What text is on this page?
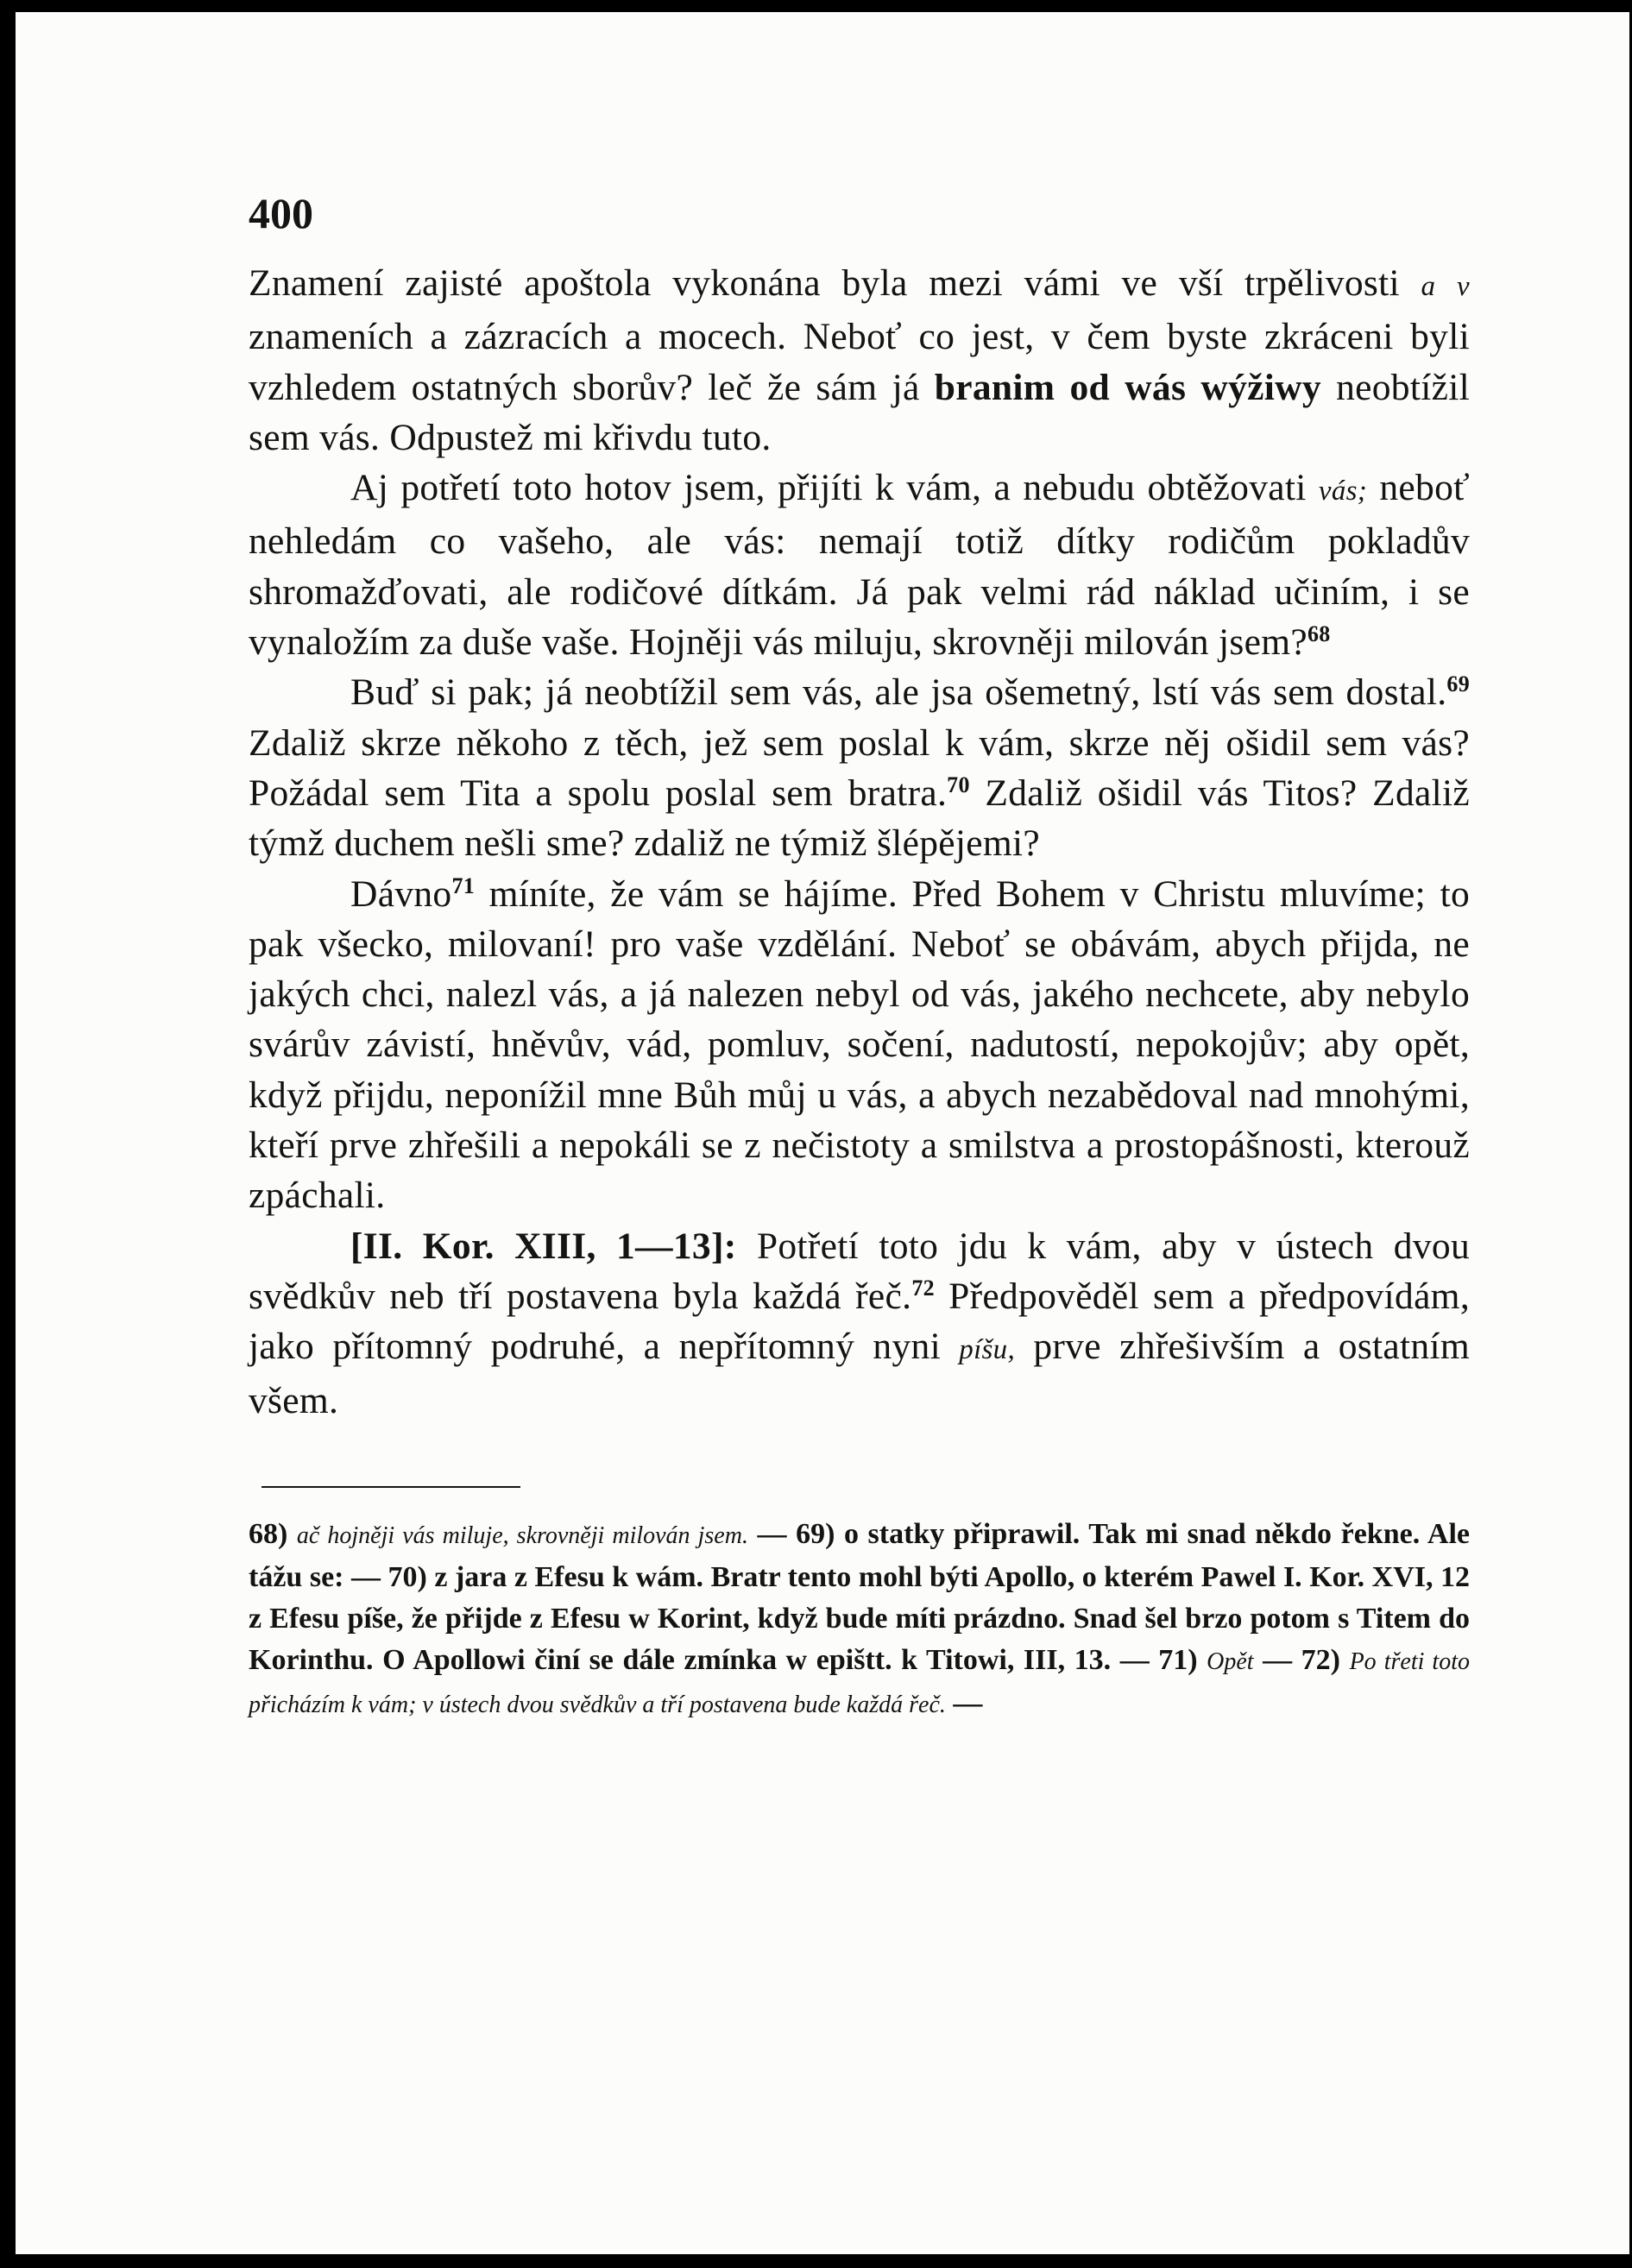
400

Znamení zajisté apoštola vykonána byla mezi vámi ve vší trpělivosti a v znameních a zázracích a mocech. Neboť co jest, v čem byste zkráceni byli vzhledem ostatných sborův? leč že sám já branim od wás wýžiwy neobtížil sem vás. Odpustež mi křivdu tuto.

Aj potřetí toto hotov jsem, přijíti k vám, a nebudu obtěžovati vás; neboť nehledám co vašeho, ale vás: nemají totiž dítky rodičům pokladův shromažďovati, ale rodičové dítkám. Já pak velmi rád náklad učiním, i se vynaložím za duše vaše. Hojněji vás miluju, skrovněji milován jsem?$^{68}$

Buď si pak; já neobtížil sem vás, ale jsa ošemetný, lstí vás sem dostal.$^{69}$ Zdaliž skrze někoho z těch, jež sem poslal k vám, skrze něj ošidil sem vás? Požádal sem Tita a spolu poslal sem bratra.$^{70}$ Zdaliž ošidil vás Titos? Zdaliž týmž duchem nešli sme? zdaliž ne týmiž šlépějemi?

Dávno$^{71}$ míníte, že vám se hájíme. Před Bohem v Christu mluvíme; to pak všecko, milovaní! pro vaše vzdělání. Neboť se obávám, abych přijda, ne jakých chci, nalezl vás, a já nalezen nebyl od vás, jakého nechcete, aby nebylo svárův závistí, hněvův, vád, pomluv, sočení, nadutostí, nepokojův; aby opět, když přijdu, neponížil mne Bůh můj u vás, a abych nezabědoval nad mnohými, kteří prve zhřešili a nepokáli se z nečistoty a smilstva a prostopášnosti, kterouž zpáchali.

[II. Kor. XIII, 1—13]: Potřetí toto jdu k vám, aby v ústech dvou svědkův neb tří postavena byla každá řeč.$^{72}$ Předpověděl sem a předpovídám, jako přítomný podruhé, a nepřítomný nyni píšu, prve zhřešivším a ostatním všem.

68) ač hojněji vás miluje, skrovněji milován jsem. — 69) o statky připrawil. Tak mi snad někdo řekne. Ale tážu se: — 70) z jara z Efesu k wám. Bratr tento mohl býti Apollo, o kterém Pawel I. Kor. XVI, 12 z Efesu píše, že přijde z Efesu w Korint, když bude míti prázdno. Snad šel brzo potom s Titem do Korinthu. O Apollowi činí se dále zmínka w epištt. k Titowi, III, 13. — 71) Opět — 72) Po třeti toto přicházím k vám; v ústech dvou svědkův a tří postavena bude každá řeč. —
